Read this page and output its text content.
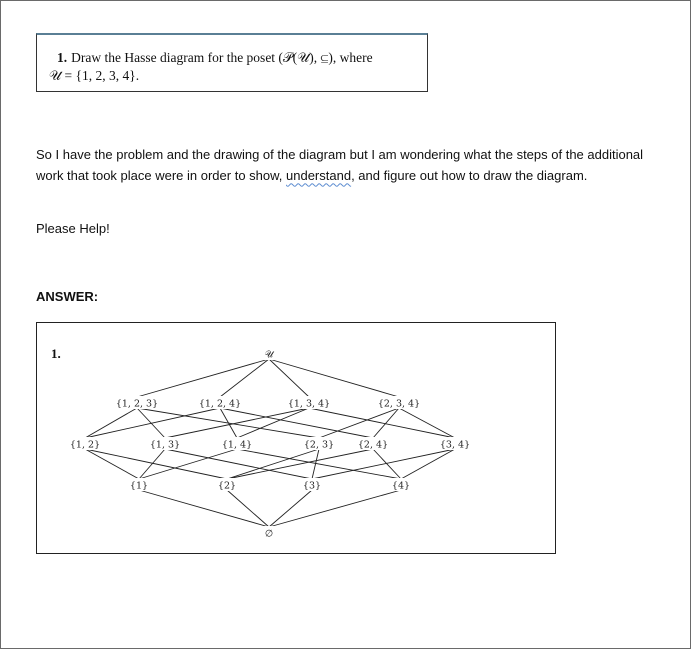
1. Draw the Hasse diagram for the poset (𝒫(𝒰), ⊆), where
𝒰 = {1, 2, 3, 4}.
So I have the problem and the drawing of the diagram but I am wondering what the steps of the additional work that took place were in order to show, understand, and figure out how to draw the diagram.
Please Help!
ANSWER:
1.	𝒰
{1, 2, 3}	{1, 2, 4}	{1, 3, 4}	{2, 3, 4}
{1, 2}	{1, 3}	{1, 4}	{2, 3}	{2, 4}	{3, 4}
{1}	{2}	{3}	{4}
∅
